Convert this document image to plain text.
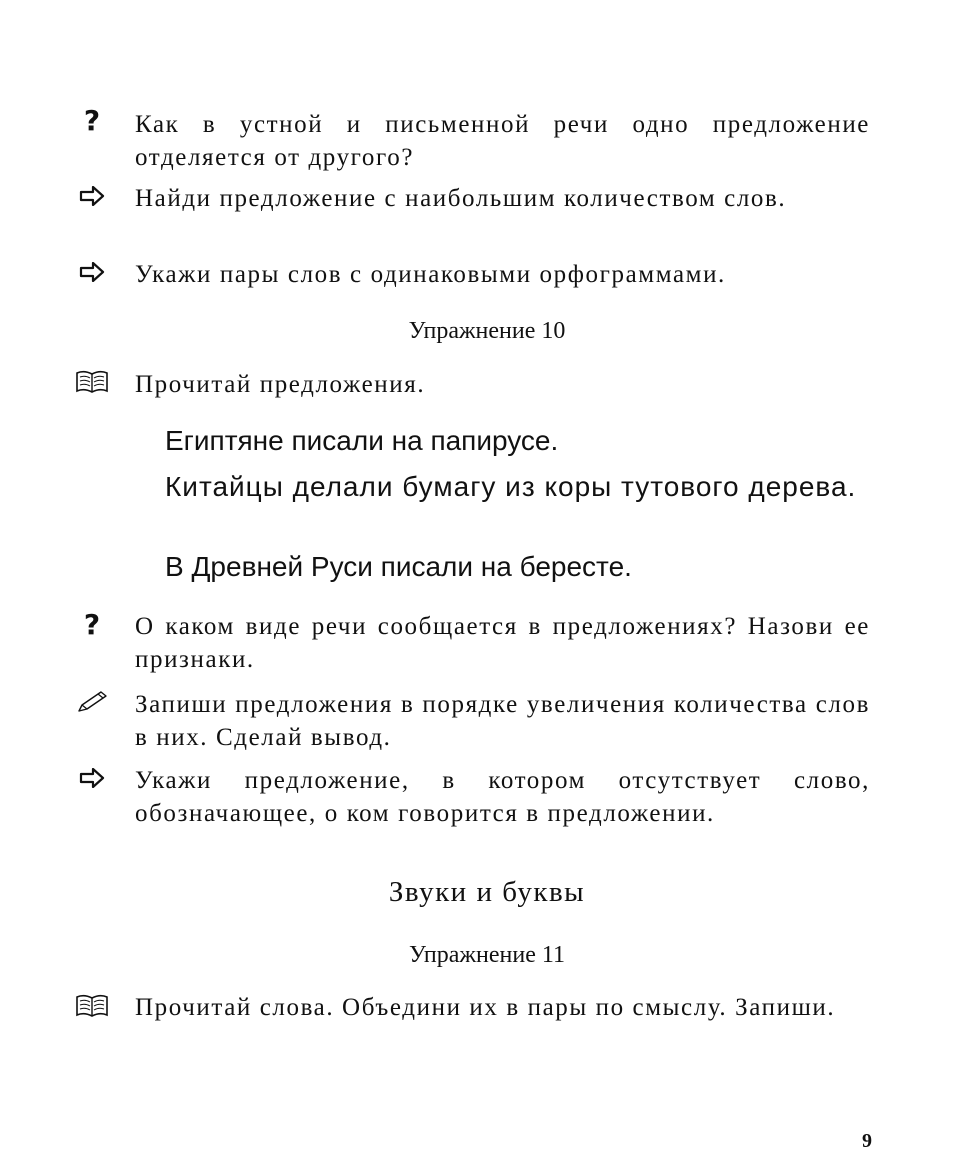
?	Как в устной и письменной речи одно предложение отделяется от другого?
Найди предложение с наибольшим количеством слов.
Укажи пары слов с одинаковыми орфограммами.
Упражнение 10
Прочитай предложения.
Египтяне писали на папирусе.
Китайцы делали бумагу из коры тутового дерева.
В Древней Руси писали на бересте.
?	О каком виде речи сообщается в предложениях? Назови ее признаки.
Запиши предложения в порядке увеличения количества слов в них. Сделай вывод.
Укажи предложение, в котором отсутствует слово, обозначающее, о ком говорится в предложении.
Звуки и буквы
Упражнение 11
Прочитай слова. Объедини их в пары по смыслу. Запиши.
9
